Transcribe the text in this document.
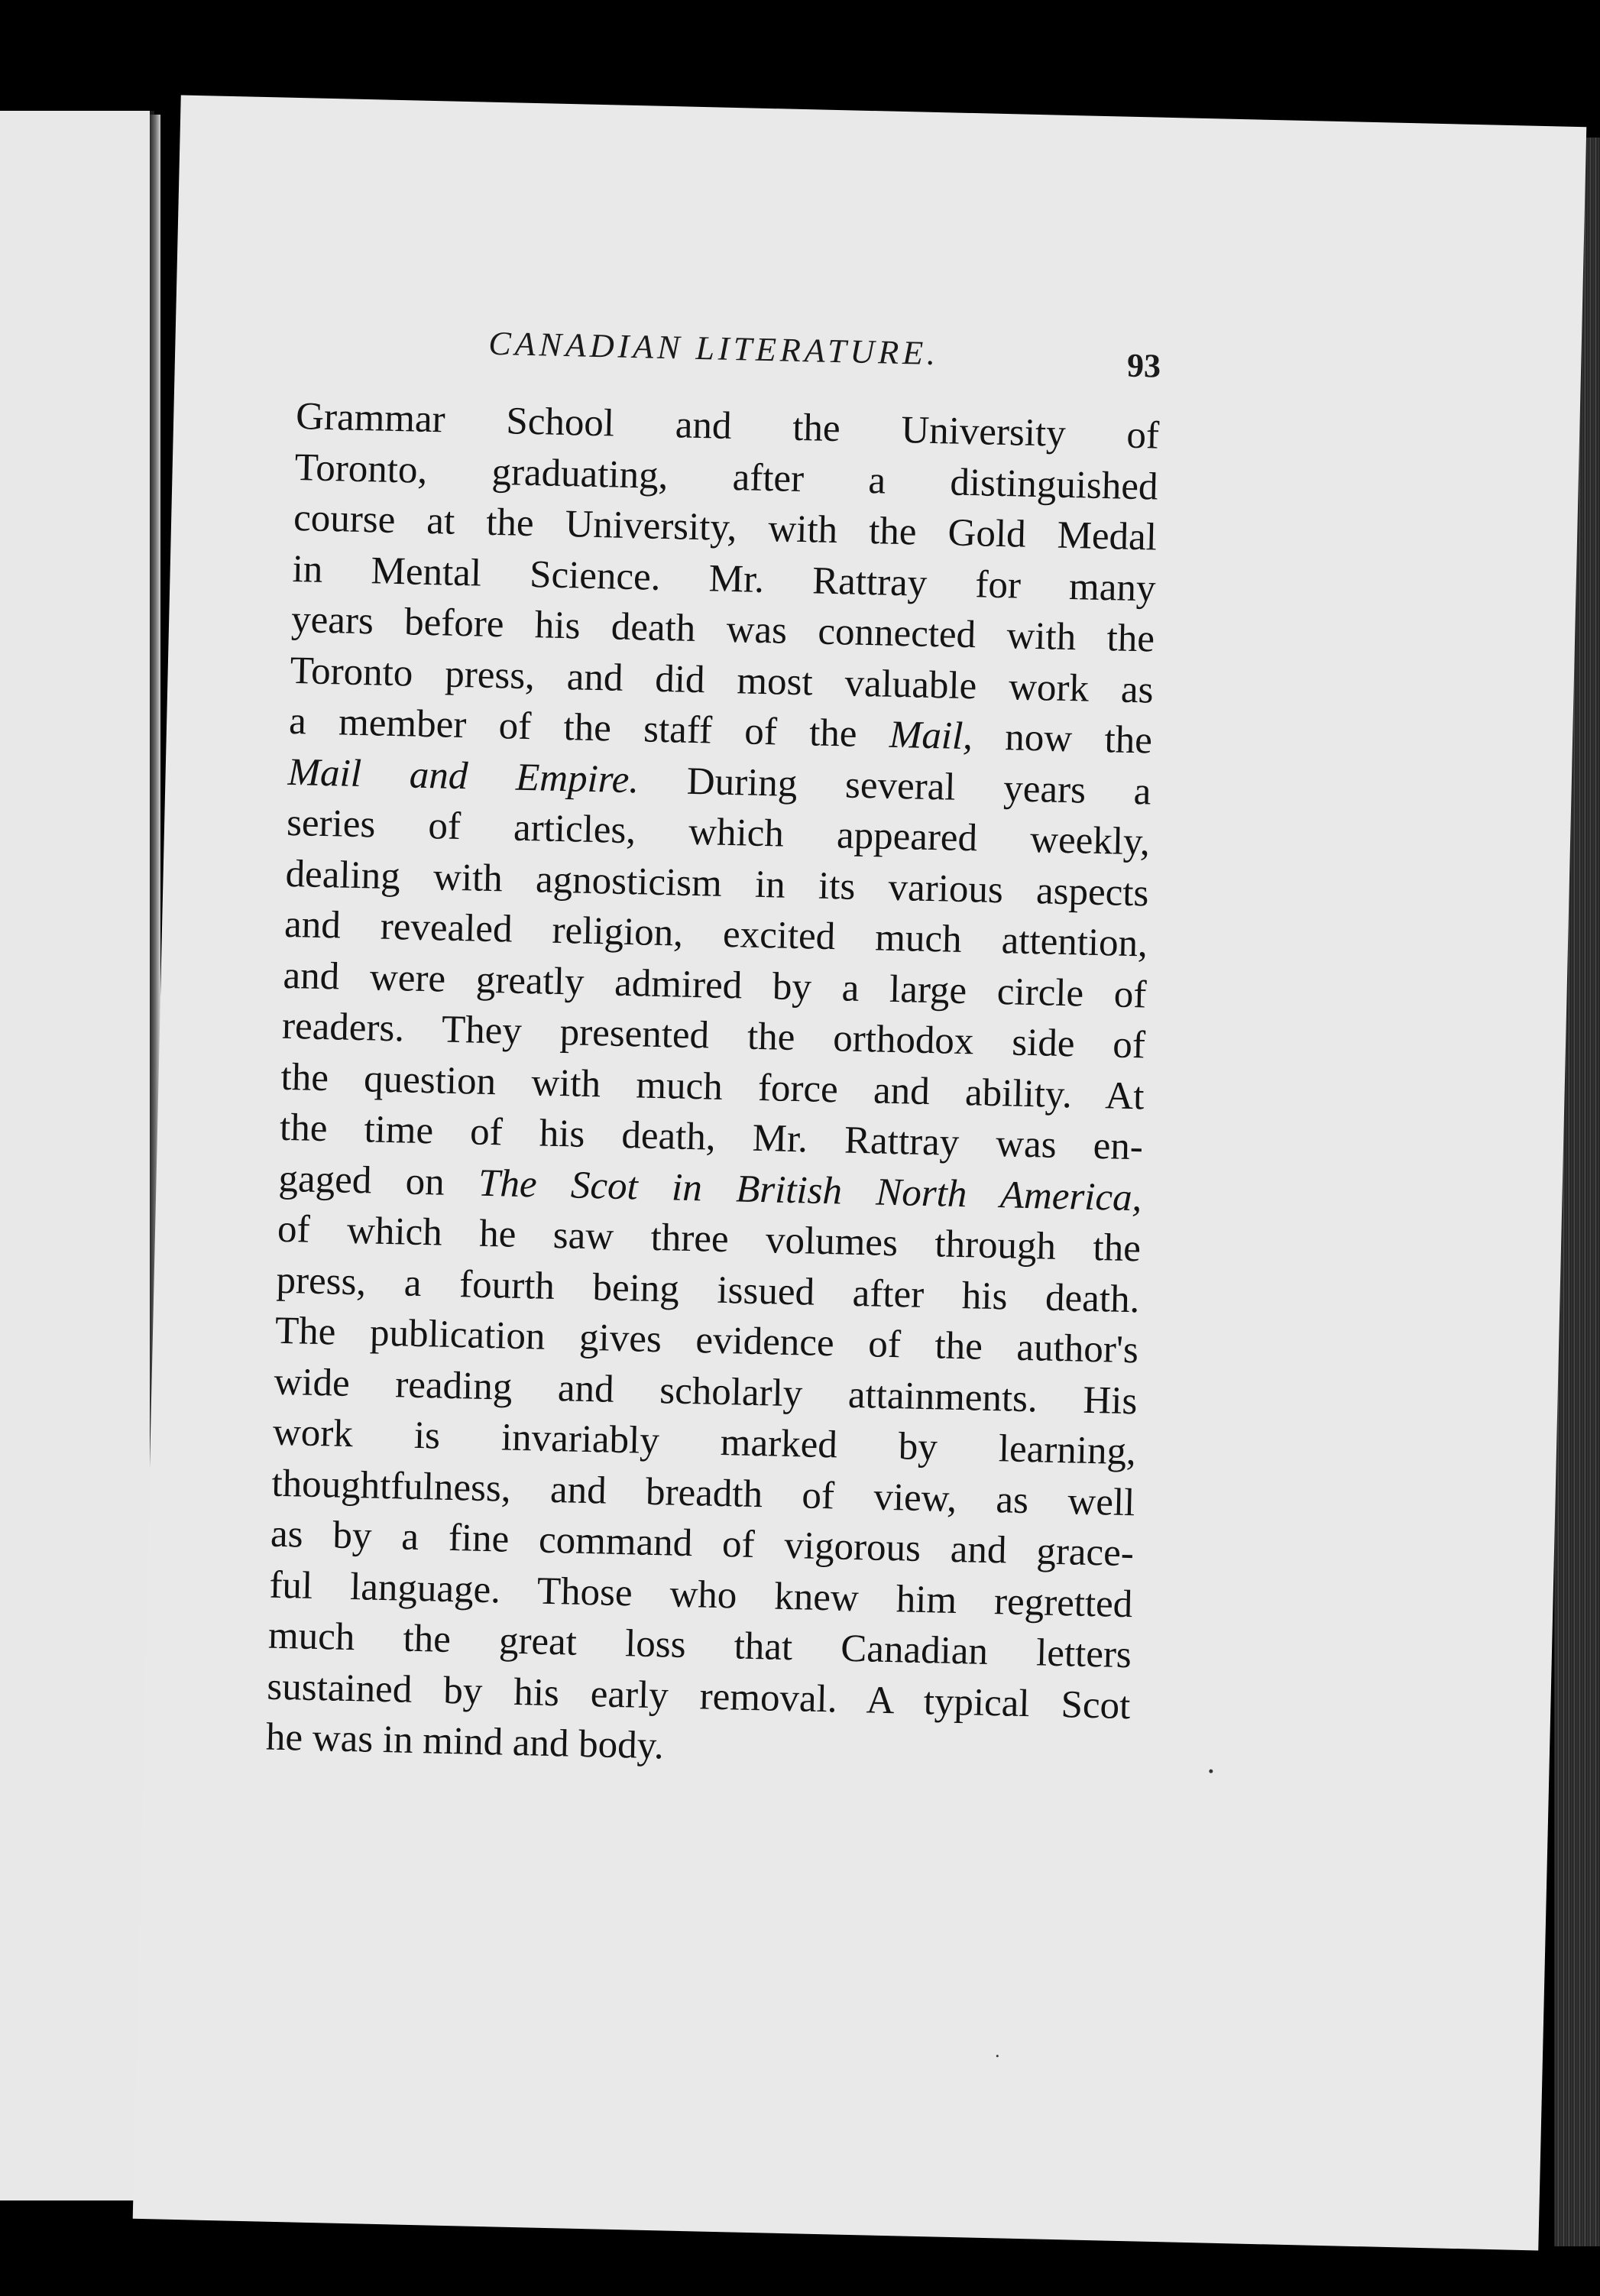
CANADIAN LITERATURE.	93
Grammar School and the University of
Toronto, graduating, after a distinguished
course at the University, with the Gold Medal
in Mental Science. Mr. Rattray for many
years before his death was connected with the
Toronto press, and did most valuable work as
a member of the staff of the Mail, now the
Mail and Empire. During several years a
series of articles, which appeared weekly,
dealing with agnosticism in its various aspects
and revealed religion, excited much attention,
and were greatly admired by a large circle of
readers. They presented the orthodox side of
the question with much force and ability. At
the time of his death, Mr. Rattray was en-
gaged on The Scot in British North America,
of which he saw three volumes through the
press, a fourth being issued after his death.
The publication gives evidence of the author's
wide reading and scholarly attainments. His
work is invariably marked by learning,
thoughtfulness, and breadth of view, as well
as by a fine command of vigorous and grace-
ful language. Those who knew him regretted
much the great loss that Canadian letters
sustained by his early removal. A typical Scot
he was in mind and body.
